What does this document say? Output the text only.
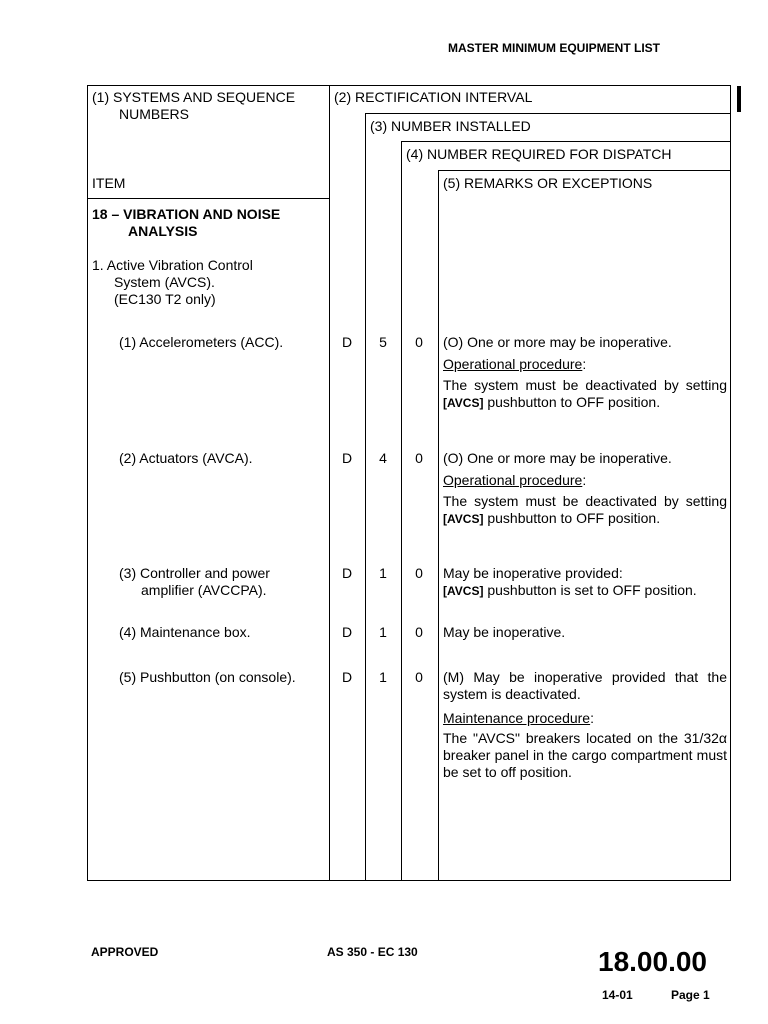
MASTER MINIMUM EQUIPMENT LIST
(1) SYSTEMS AND SEQUENCE
NUMBERS
ITEM
(2) RECTIFICATION INTERVAL
(3) NUMBER INSTALLED
(4) NUMBER REQUIRED FOR DISPATCH
(5) REMARKS OR EXCEPTIONS
18 – VIBRATION AND NOISE
ANALYSIS
1. Active Vibration Control
System (AVCS).
(EC130 T2 only)
(1) Accelerometers (ACC).	D	5	0	(O) One or more may be inoperative.
Operational procedure:
The system must be deactivated by setting [AVCS] pushbutton to OFF position.
(2) Actuators (AVCA).	D	4	0	(O) One or more may be inoperative.
Operational procedure:
The system must be deactivated by setting [AVCS] pushbutton to OFF position.
(3) Controller and power
amplifier (AVCCPA).
D	1	0	May be inoperative provided:
[AVCS] pushbutton is set to OFF position.
(4) Maintenance box.	D	1	0	May be inoperative.
(5) Pushbutton (on console).	D	1	0	(M) May be inoperative provided that the system is deactivated.
Maintenance procedure:
The "AVCS" breakers located on the 31/32α breaker panel in the cargo compartment must be set to off position.
APPROVED	AS 350 - EC 130	18.00.00
14-01	Page 1
